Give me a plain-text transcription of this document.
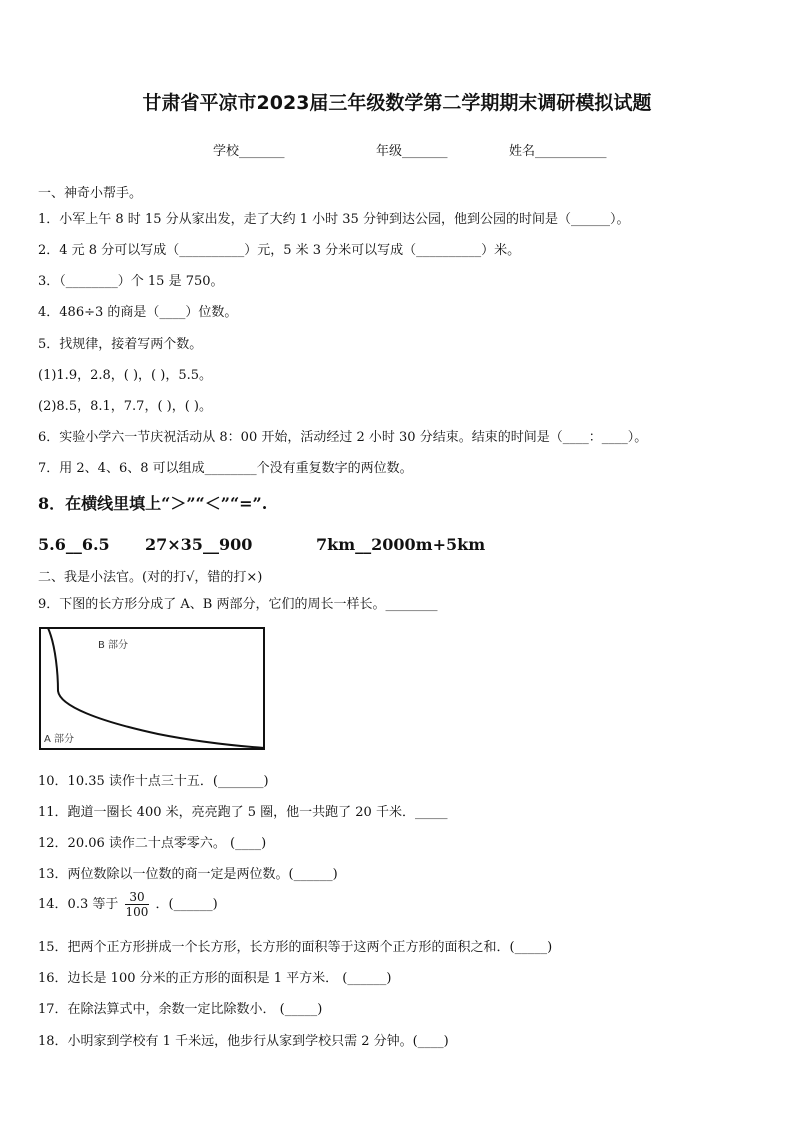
甘肃省平凉市2023届三年级数学第二学期期末调研模拟试题
学校_______	年级_______	姓名___________
一、神奇小帮手。
1．小军上午 8 时 15 分从家出发，走了大约 1 小时 35 分钟到达公园，他到公园的时间是（______）。
2．4 元 8 分可以写成（__________）元，5 米 3 分米可以写成（__________）米。
3．（________）个 15 是 750。
4．486÷3 的商是（____）位数。
5．找规律，接着写两个数。
(1)1.9，2.8，( )，( )，5.5。
(2)8.5，8.1，7.7，( )，( )。
6．实验小学六一节庆祝活动从 8：00 开始，活动经过 2 小时 30 分结束。结束的时间是（____：____）。
7．用 2、4、6、8 可以组成________个没有重复数字的两位数。
8．在横线里填上“＞”“＜”“=”.
5.6__6.5 27×35__900	7km__2000m+5km
二、我是小法官。(对的打√，错的打×)
9．下图的长方形分成了 A、B 两部分，它们的周长一样长。________
B 部分
A 部分
10．10.35 读作十点三十五．(_______)
11．跑道一圈长 400 米，亮亮跑了 5 圈，他一共跑了 20 千米．_____
12．20.06 读作二十点零零六。 (____)
13．两位数除以一位数的商一定是两位数。(______)
14．0.3 等于 $\frac{30}{100}$ ．(______)
15．把两个正方形拼成一个长方形，长方形的面积等于这两个正方形的面积之和．(_____)
16．边长是 100 分米的正方形的面积是 1 平方米． (______)
17．在除法算式中，余数一定比除数小． (_____)
18．小明家到学校有 1 千米远，他步行从家到学校只需 2 分钟。(____)
